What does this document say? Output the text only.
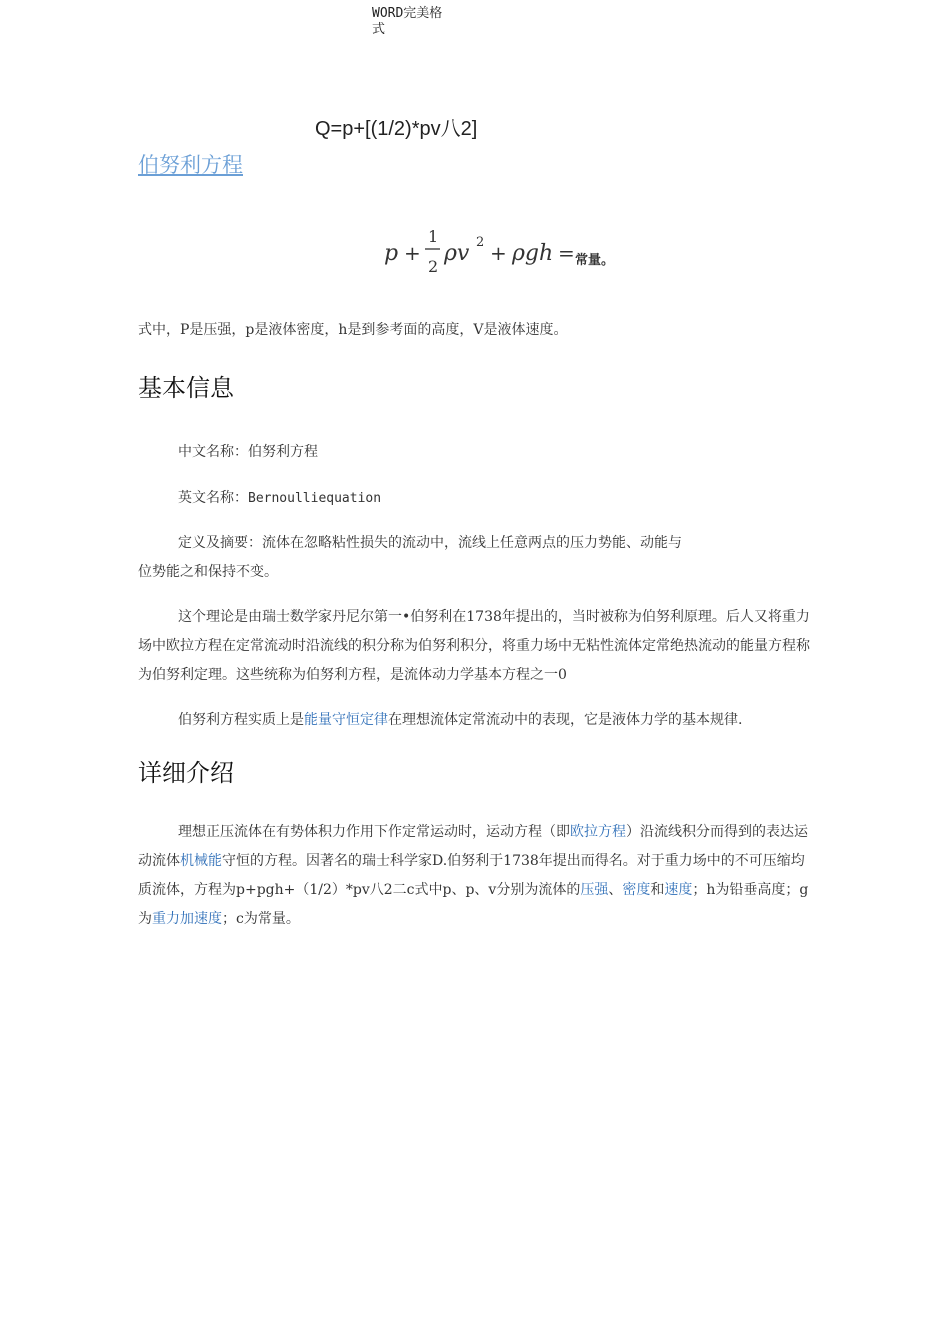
WORD完美格式
Q=p+[(1/2)*pv八2]
伯努利方程
p +
1
2
ρv 2 + ρgh = 常量。
式中，P是压强，p是液体密度，h是到参考面的高度，V是液体速度。
基本信息
中文名称：伯努利方程
英文名称：Bernoulliequation
定义及摘要：流体在忽略粘性损失的流动中，流线上任意两点的压力势能、动能与
位势能之和保持不变。
这个理论是由瑞士数学家丹尼尔第一•伯努利在1738年提出的，当时被称为伯努利原理。后人又将重力场中欧拉方程在定常流动时沿流线的积分称为伯努利积分，将重力场中无粘性流体定常绝热流动的能量方程称为伯努利定理。这些统称为伯努利方程，是流体动力学基本方程之一0
伯努利方程实质上是能量守恒定律在理想流体定常流动中的表现，它是液体力学的基本规律.
详细介绍
理想正压流体在有势体积力作用下作定常运动时，运动方程（即欧拉方程）沿流线积分而得到的表达运动流体机械能守恒的方程。因著名的瑞士科学家D.伯努利于1738年提出而得名。对于重力场中的不可压缩均质流体，方程为p+pgh+（1/2）*pv八2二c式中p、p、v分别为流体的压强、密度和速度；h为铅垂高度；g为重力加速度；c为常量。
